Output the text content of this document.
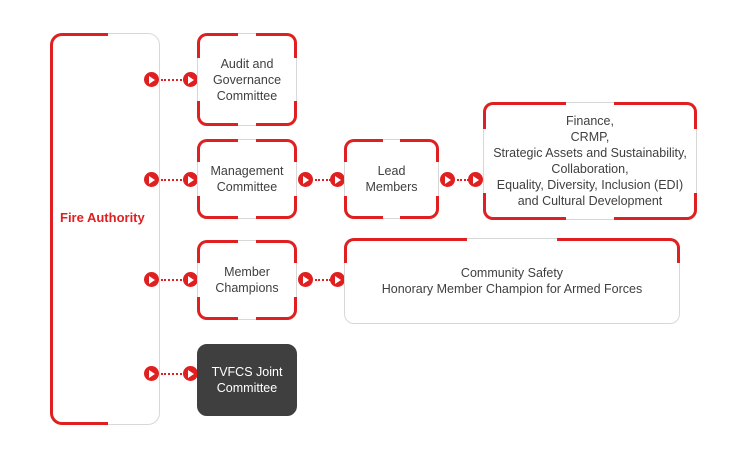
Fire Authority
Audit and
Governance
Committee
Management
Committee
Lead
Members
Finance,
CRMP,
Strategic Assets and Sustainability,
Collaboration,
Equality, Diversity, Inclusion (EDI)
and Cultural Development
Member
Champions
Community Safety
Honorary Member Champion for Armed Forces
TVFCS Joint
Committee
